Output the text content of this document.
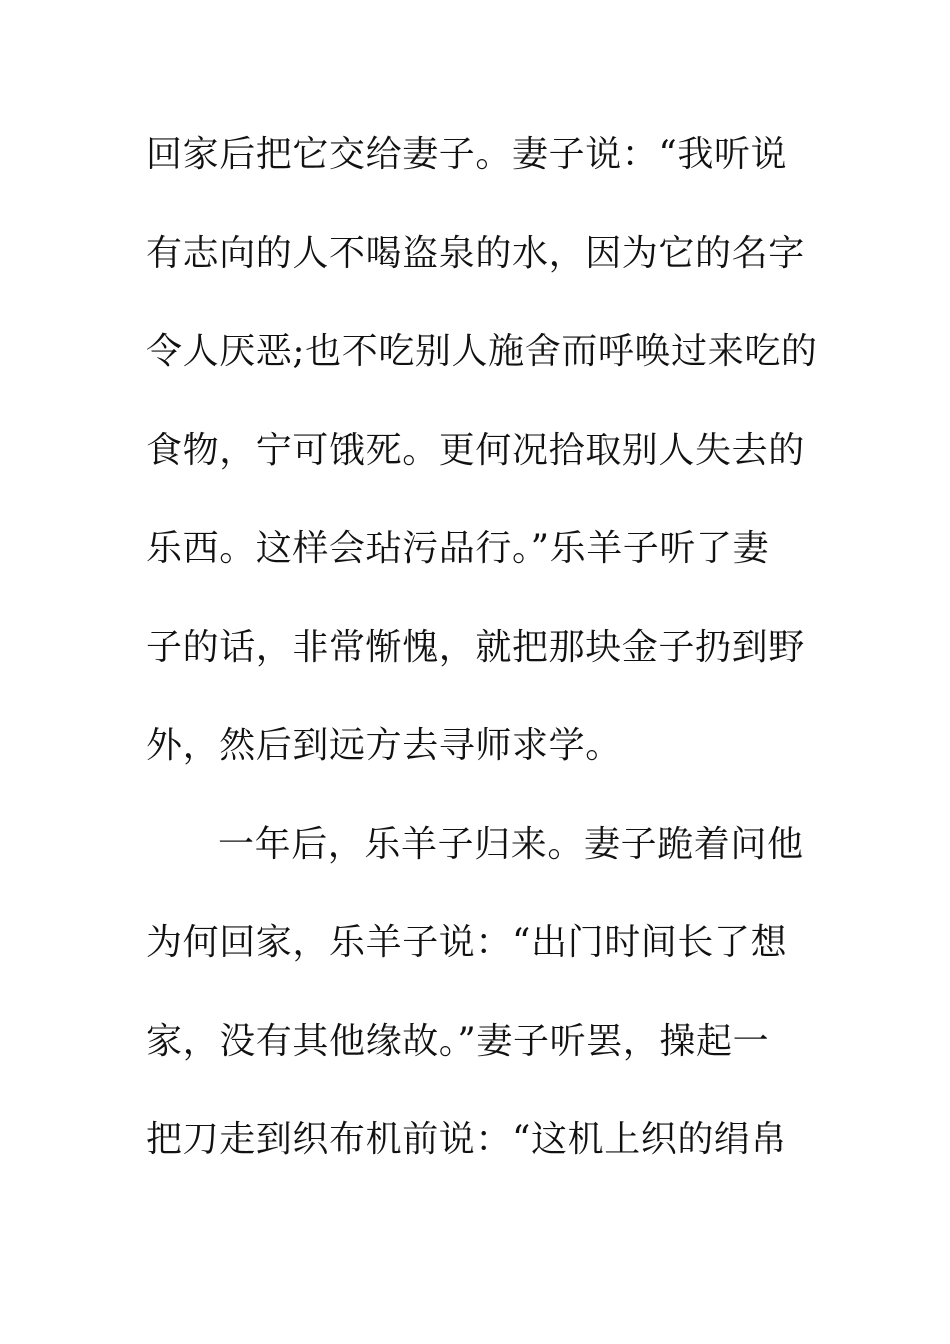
回家后把它交给妻子。妻子说：“我听说
有志向的人不喝盗泉的水，因为它的名字
令人厌恶;也不吃别人施舍而呼唤过来吃的
食物，宁可饿死。更何况拾取别人失去的
乐西。这样会玷污品行。”乐羊子听了妻
子的话，非常惭愧，就把那块金子扔到野
外，然后到远方去寻师求学。
一年后，乐羊子归来。妻子跪着问他
为何回家，乐羊子说：“出门时间长了想
家，没有其他缘故。”妻子听罢，操起一
把刀走到织布机前说：“这机上织的绢帛
